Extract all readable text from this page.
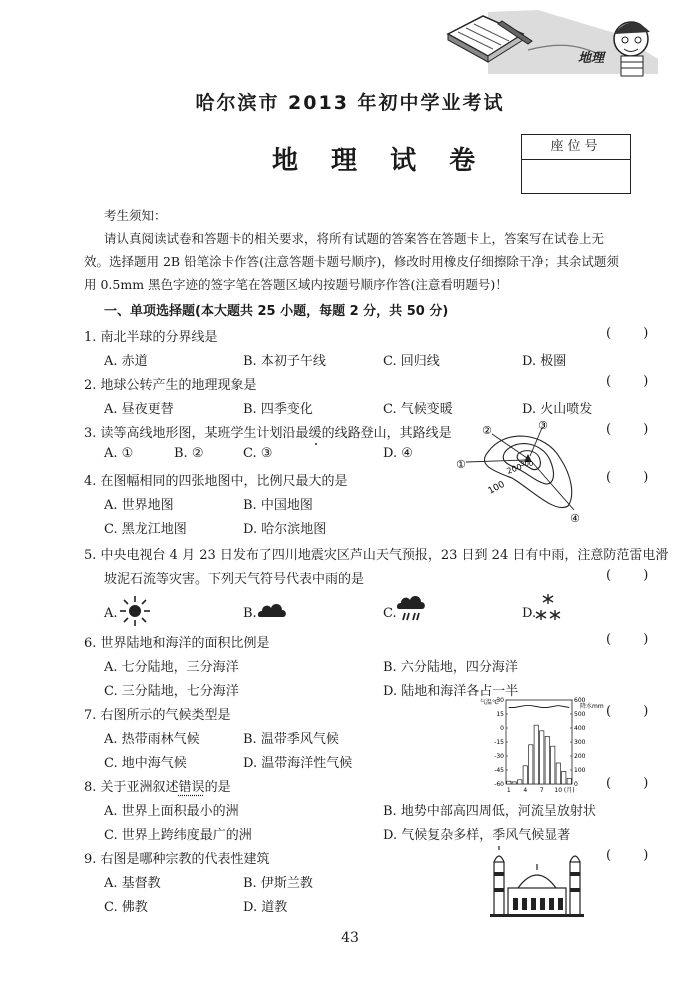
地理
哈尔滨市 2013 年初中学业考试
地 理 试 卷	座位号
考生须知：
请认真阅读试卷和答题卡的相关要求，将所有试题的答案答在答题卡上，答案写在试卷上无
效。选择题用 2B 铅笔涂卡作答(注意答题卡题号顺序)，修改时用橡皮仔细擦除干净；其余试题须
用 0.5mm 黑色字迹的签字笔在答题区域内按题号顺序作答(注意看明题号)！
一、单项选择题(本大题共 25 小题，每题 2 分，共 50 分)
1. 南北半球的分界线是	( )
A. 赤道	B. 本初子午线	C. 回归线	D. 极圈
2. 地球公转产生的地理现象是	( )
A. 昼夜更替	B. 四季变化	C. 气候变暖	D. 火山喷发
3. 读等高线地形图，某班学生计划沿最缓的线路登山，其路线是	( )
A. ①	B. ②	C. ③	D. ④
①
②	③
④
100
200
300
4. 在图幅相同的四张地图中，比例尺最大的是	( )
A. 世界地图	B. 中国地图
C. 黑龙江地图	D. 哈尔滨地图
5. 中央电视台 4 月 23 日发布了四川地震灾区芦山天气预报，23 日到 24 日有中雨，注意防范雷电滑
坡泥石流等灾害。下列天气符号代表中雨的是	( )
A.	B.	C.	D.
6. 世界陆地和海洋的面积比例是	( )
A. 七分陆地，三分海洋	B. 六分陆地，四分海洋
C. 三分陆地，七分海洋	D. 陆地和海洋各占一半
7. 右图所示的气候类型是	( )
A. 热带雨林气候	B. 温带季风气候
C. 地中海气候	D. 温带海洋性气候
气温℃
降水mm
30
15
0
-15
-30
-45
-60
600
500
400
300
200
100
0
1 4 7 10 (月)
8. 关于亚洲叙述错误的是	( )
A. 世界上面积最小的洲	B. 地势中部高四周低，河流呈放射状
C. 世界上跨纬度最广的洲	D. 气候复杂多样，季风气候显著
9. 右图是哪种宗教的代表性建筑	( )
A. 基督教	B. 伊斯兰教
C. 佛教	D. 道教
43
